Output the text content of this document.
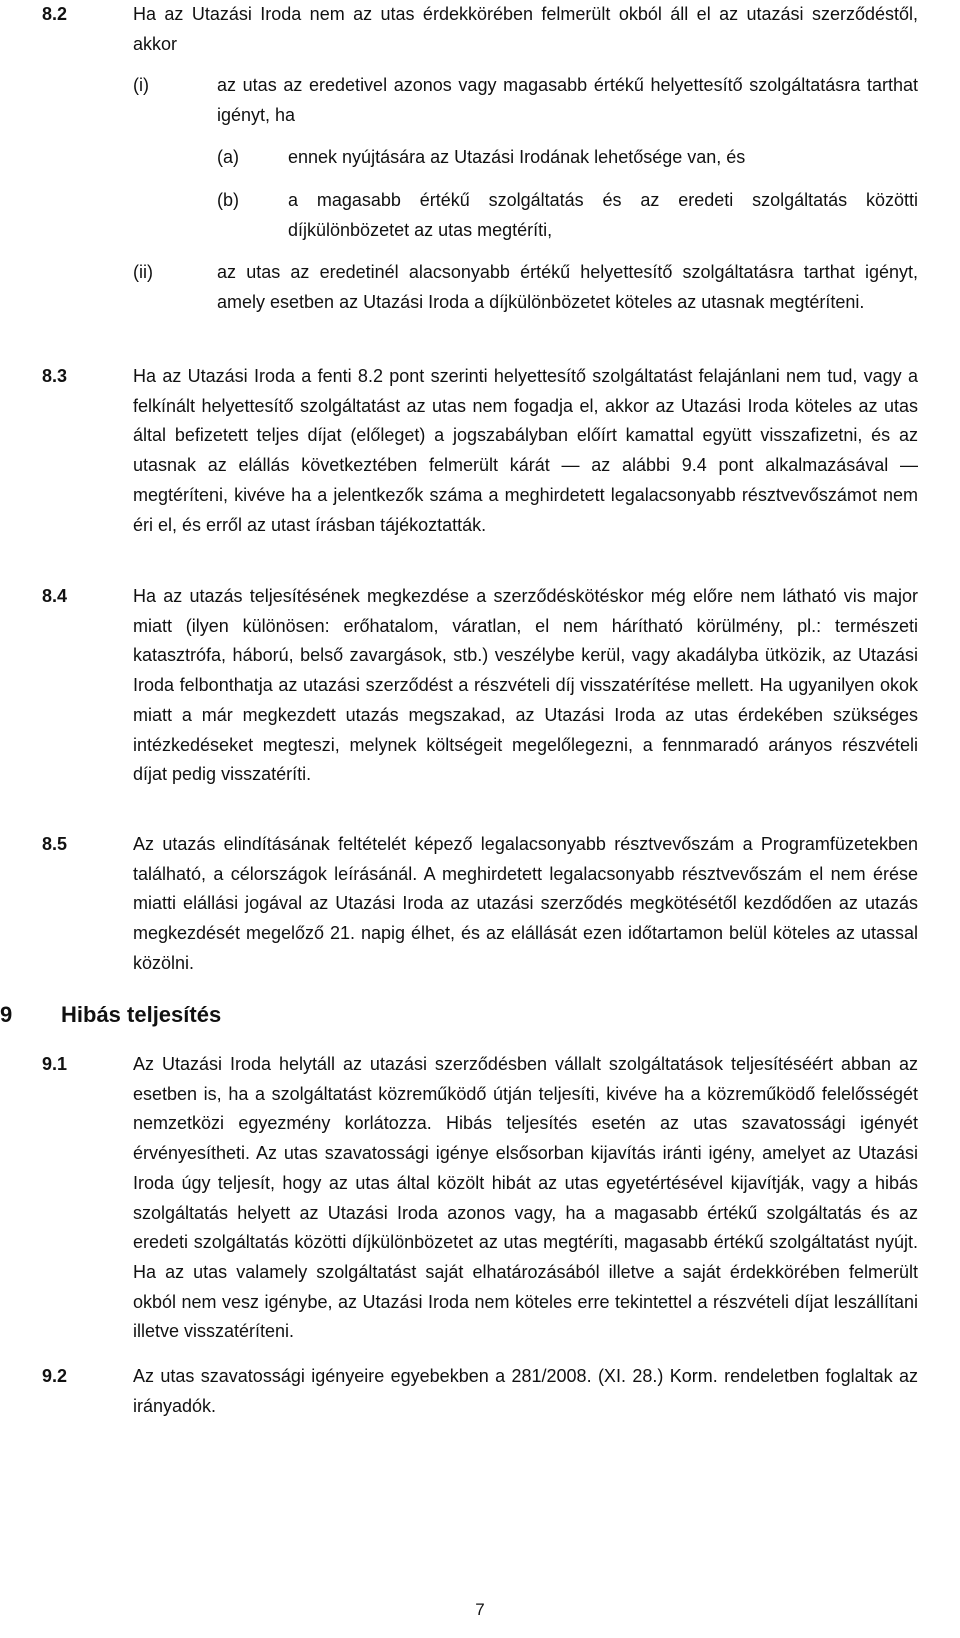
8.2	Ha az Utazási Iroda nem az utas érdekkörében felmerült okból áll el az utazási szerződéstől, akkor
(i)	az utas az eredetivel azonos vagy magasabb értékű helyettesítő szolgáltatásra tarthat igényt, ha
(a)	ennek nyújtására az Utazási Irodának lehetősége van, és
(b)	a magasabb értékű szolgáltatás és az eredeti szolgáltatás közötti díjkülönbözetet az utas megtéríti,
(ii)	az utas az eredetinél alacsonyabb értékű helyettesítő szolgáltatásra tarthat igényt, amely esetben az Utazási Iroda a díjkülönbözetet köteles az utasnak megtéríteni.
8.3	Ha az Utazási Iroda a fenti 8.2 pont szerinti helyettesítő szolgáltatást felajánlani nem tud, vagy a felkínált helyettesítő szolgáltatást az utas nem fogadja el, akkor az Utazási Iroda köteles az utas által befizetett teljes díjat (előleget) a jogszabályban előírt kamattal együtt visszafizetni, és az utasnak az elállás következtében felmerült kárát — az alábbi 9.4 pont alkalmazásával — megtéríteni, kivéve ha a jelentkezők száma a meghirdetett legalacsonyabb résztvevőszámot nem éri el, és erről az utast írásban tájékoztatták.
8.4	Ha az utazás teljesítésének megkezdése a szerződéskötéskor még előre nem látható vis major miatt (ilyen különösen: erőhatalom, váratlan, el nem hárítható körülmény, pl.: természeti katasztrófa, háború, belső zavargások, stb.) veszélybe kerül, vagy akadályba ütközik, az Utazási Iroda felbonthatja az utazási szerződést a részvételi díj visszatérítése mellett. Ha ugyanilyen okok miatt a már megkezdett utazás megszakad, az Utazási Iroda az utas érdekében szükséges intézkedéseket megteszi, melynek költségeit megelőlegezni, a fennmaradó arányos részvételi díjat pedig visszatéríti.
8.5	Az utazás elindításának feltételét képező legalacsonyabb résztvevőszám a Programfüzetekben található, a célországok leírásánál. A meghirdetett legalacsonyabb résztvevőszám el nem érése miatti elállási jogával az Utazási Iroda az utazási szerződés megkötésétől kezdődően az utazás megkezdését megelőző 21. napig élhet, és az elállását ezen időtartamon belül köteles az utassal közölni.
9 Hibás teljesítés
9.1	Az Utazási Iroda helytáll az utazási szerződésben vállalt szolgáltatások teljesítéséért abban az esetben is, ha a szolgáltatást közreműködő útján teljesíti, kivéve ha a közreműködő felelősségét nemzetközi egyezmény korlátozza. Hibás teljesítés esetén az utas szavatossági igényét érvényesítheti. Az utas szavatossági igénye elsősorban kijavítás iránti igény, amelyet az Utazási Iroda úgy teljesít, hogy az utas által közölt hibát az utas egyetértésével kijavítják, vagy a hibás szolgáltatás helyett az Utazási Iroda azonos vagy, ha a magasabb értékű szolgáltatás és az eredeti szolgáltatás közötti díjkülönbözetet az utas megtéríti, magasabb értékű szolgáltatást nyújt. Ha az utas valamely szolgáltatást saját elhatározásából illetve a saját érdekkörében felmerült okból nem vesz igénybe, az Utazási Iroda nem köteles erre tekintettel a részvételi díjat leszállítani illetve visszatéríteni.
9.2	Az utas szavatossági igényeire egyebekben a 281/2008. (XI. 28.) Korm. rendeletben foglaltak az irányadók.
7
